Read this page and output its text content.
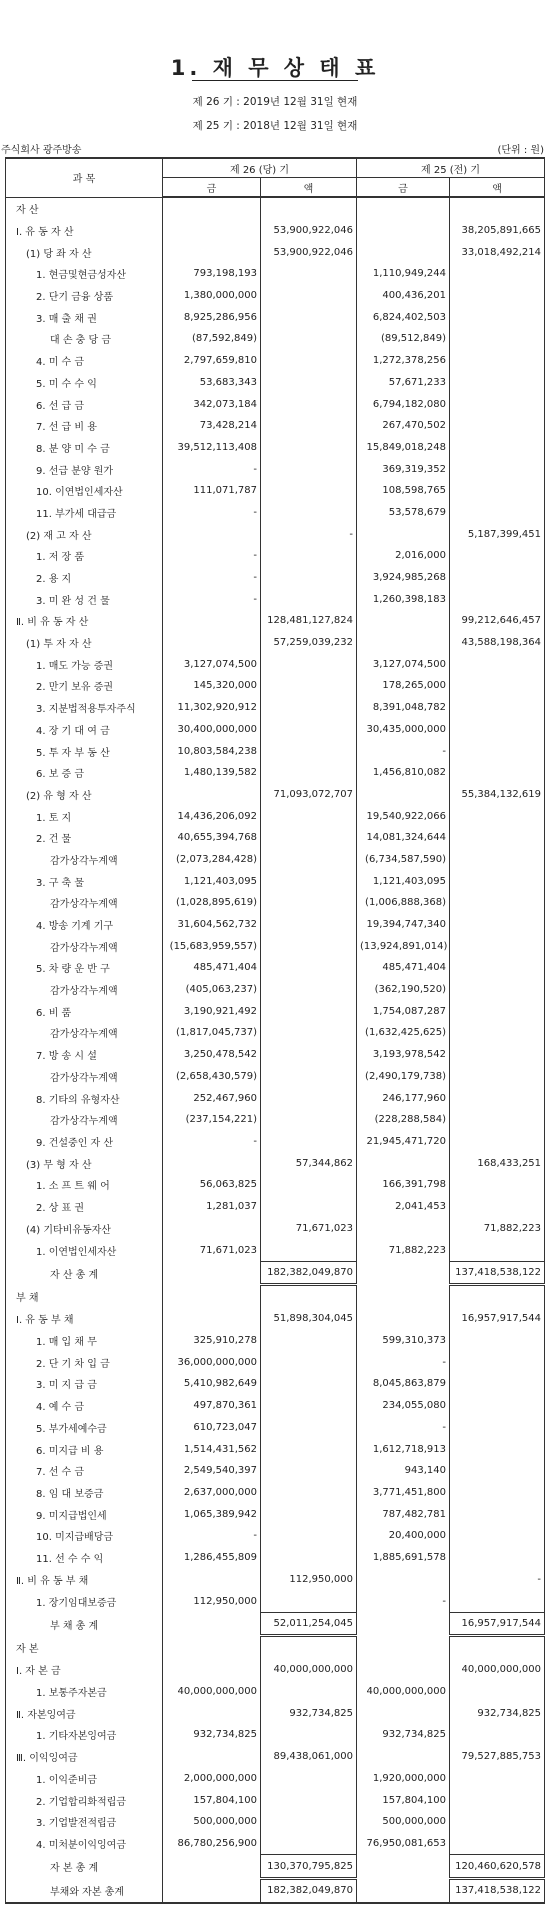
1. 재 무 상 태 표
제 26 기 : 2019년 12월 31일 현재
제 25 기 : 2018년 12월 31일 현재
주식회사 광주방송	(단위 : 원)
과 목	제 26 (당) 기		제 25 (전) 기	
	금	액	금	액
자 산				
Ⅰ. 유 동 자 산		53,900,922,046		38,205,891,665
(1) 당 좌 자 산		53,900,922,046		33,018,492,214
1. 현금및현금성자산	793,198,193		1,110,949,244	
2. 단기 금융 상품	1,380,000,000		400,436,201	
3. 매 출 채 권	8,925,286,956		6,824,402,503	
대 손 충 당 금	(87,592,849)		(89,512,849)	
4. 미 수 금	2,797,659,810		1,272,378,256	
5. 미 수 수 익	53,683,343		57,671,233	
6. 선 급 금	342,073,184		6,794,182,080	
7. 선 급 비 용	73,428,214		267,470,502	
8. 분 양 미 수 금	39,512,113,408		15,849,018,248	
9. 선급 분양 원가	-		369,319,352	
10. 이연법인세자산	111,071,787		108,598,765	
11. 부가세 대급금	-		53,578,679	
(2) 재 고 자 산		-		5,187,399,451
1. 저 장 품	-		2,016,000	
2. 용 지	-		3,924,985,268	
3. 미 완 성 건 물	-		1,260,398,183	
Ⅱ. 비 유 동 자 산		128,481,127,824		99,212,646,457
(1) 투 자 자 산		57,259,039,232		43,588,198,364
1. 매도 가능 증권	3,127,074,500		3,127,074,500	
2. 만기 보유 증권	145,320,000		178,265,000	
3. 지분법적용투자주식	11,302,920,912		8,391,048,782	
4. 장 기 대 여 금	30,400,000,000		30,435,000,000	
5. 투 자 부 동 산	10,803,584,238		-	
6. 보 증 금	1,480,139,582		1,456,810,082	
(2) 유 형 자 산		71,093,072,707		55,384,132,619
1. 토 지	14,436,206,092		19,540,922,066	
2. 건 물	40,655,394,768		14,081,324,644	
감가상각누계액	(2,073,284,428)		(6,734,587,590)	
3. 구 축 물	1,121,403,095		1,121,403,095	
감가상각누계액	(1,028,895,619)		(1,006,888,368)	
4. 방송 기계 기구	31,604,562,732		19,394,747,340	
감가상각누계액	(15,683,959,557)		(13,924,891,014)	
5. 차 량 운 반 구	485,471,404		485,471,404	
감가상각누계액	(405,063,237)		(362,190,520)	
6. 비 품	3,190,921,492		1,754,087,287	
감가상각누계액	(1,817,045,737)		(1,632,425,625)	
7. 방 송 시 설	3,250,478,542		3,193,978,542	
감가상각누계액	(2,658,430,579)		(2,490,179,738)	
8. 기타의 유형자산	252,467,960		246,177,960	
감가상각누계액	(237,154,221)		(228,288,584)	
9. 건설중인 자 산	-		21,945,471,720	
(3) 무 형 자 산		57,344,862		168,433,251
1. 소 프 트 웨 어	56,063,825		166,391,798	
2. 상 표 권	1,281,037		2,041,453	
(4) 기타비유동자산		71,671,023		71,882,223
1. 이연법인세자산	71,671,023		71,882,223	
자 산 총 계		182,382,049,870		137,418,538,122
부 채				
Ⅰ. 유 동 부 채		51,898,304,045		16,957,917,544
1. 매 입 채 무	325,910,278		599,310,373	
2. 단 기 차 입 금	36,000,000,000		-	
3. 미 지 급 금	5,410,982,649		8,045,863,879	
4. 예 수 금	497,870,361		234,055,080	
5. 부가세예수금	610,723,047		-	
6. 미지급 비 용	1,514,431,562		1,612,718,913	
7. 선 수 금	2,549,540,397		943,140	
8. 임 대 보증금	2,637,000,000		3,771,451,800	
9. 미지급법인세	1,065,389,942		787,482,781	
10. 미지급배당금	-		20,400,000	
11. 선 수 수 익	1,286,455,809		1,885,691,578	
Ⅱ. 비 유 동 부 채		112,950,000		-
1. 장기임대보증금	112,950,000		-	
부 채 총 계		52,011,254,045		16,957,917,544
자 본				
Ⅰ. 자 본 금		40,000,000,000		40,000,000,000
1. 보통주자본금	40,000,000,000		40,000,000,000	
Ⅱ. 자본잉여금		932,734,825		932,734,825
1. 기타자본잉여금	932,734,825		932,734,825	
Ⅲ. 이익잉여금		89,438,061,000		79,527,885,753
1. 이익준비금	2,000,000,000		1,920,000,000	
2. 기업합리화적립금	157,804,100		157,804,100	
3. 기업발전적립금	500,000,000		500,000,000	
4. 미처분이익잉여금	86,780,256,900		76,950,081,653	
자 본 총 계		130,370,795,825		120,460,620,578
부채와 자본 총계		182,382,049,870		137,418,538,122
